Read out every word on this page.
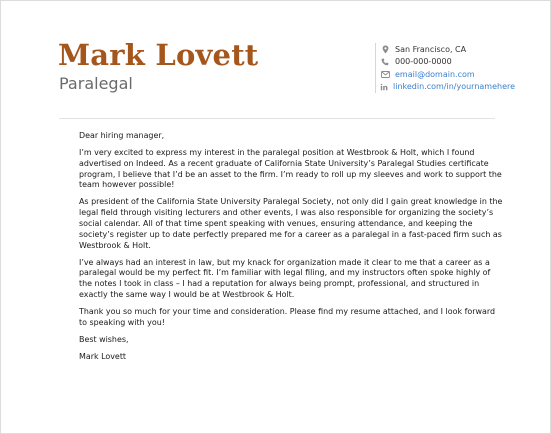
Mark Lovett
Paralegal
San Francisco, CA
000-000-0000
email@domain.com
linkedin.com/in/yournamehere

Dear hiring manager,

I’m very excited to express my interest in the paralegal position at Westbrook & Holt, which I found advertised on Indeed. As a recent graduate of California State University’s Paralegal Studies certificate program, I believe that I’d be an asset to the firm. I’m ready to roll up my sleeves and work to support the team however possible!

As president of the California State University Paralegal Society, not only did I gain great knowledge in the legal field through visiting lecturers and other events, I was also responsible for organizing the society’s social calendar. All of that time spent speaking with venues, ensuring attendance, and keeping the society’s register up to date perfectly prepared me for a career as a paralegal in a fast-paced firm such as Westbrook & Holt.

I’ve always had an interest in law, but my knack for organization made it clear to me that a career as a paralegal would be my perfect fit. I’m familiar with legal filing, and my instructors often spoke highly of the notes I took in class – I had a reputation for always being prompt, professional, and structured in exactly the same way I would be at Westbrook & Holt.

Thank you so much for your time and consideration. Please find my resume attached, and I look forward to speaking with you!

Best wishes,

Mark Lovett
